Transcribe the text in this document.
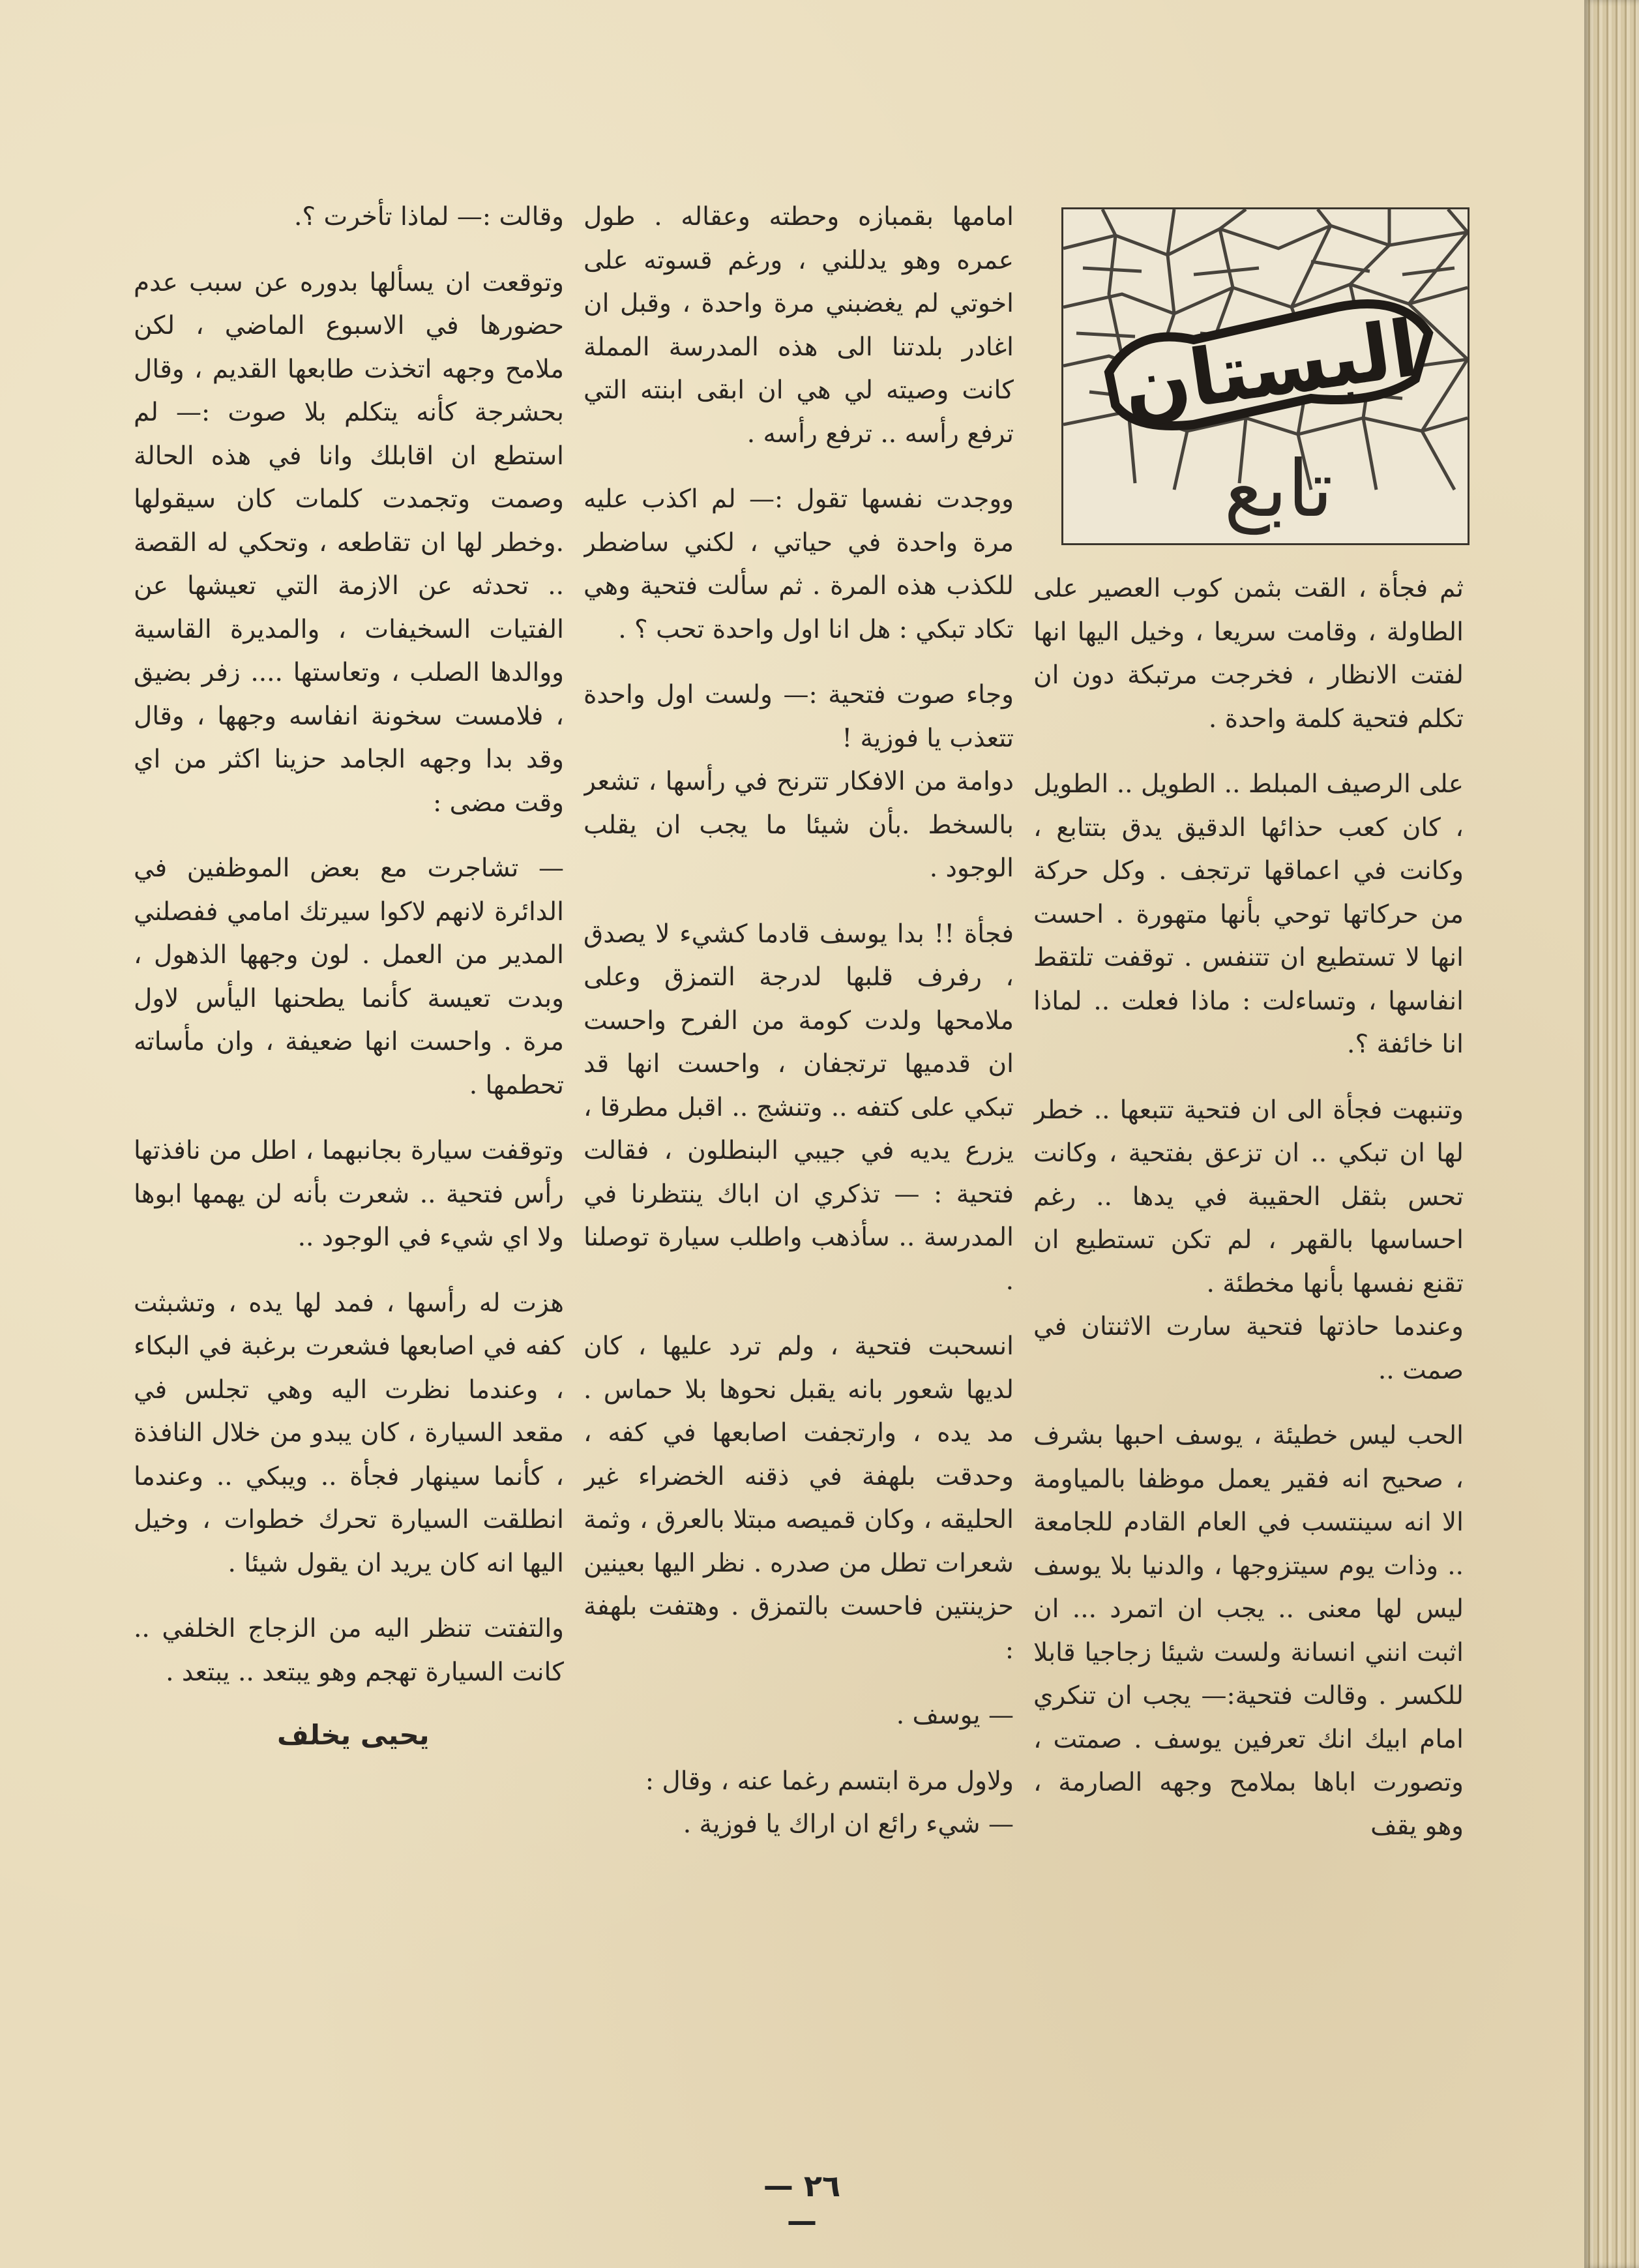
البستان
تابع

ثم فجأة ، القت بثمن كوب العصير على الطاولة ، وقامت سريعا ، وخيل اليها انها لفتت الانظار ، فخرجت مرتبكة دون ان تكلم فتحية كلمة واحدة .

على الرصيف المبلط .. الطويل .. الطويل ، كان كعب حذائها الدقيق يدق بتتابع ، وكانت في اعماقها ترتجف . وكل حركة من حركاتها توحي بأنها متهورة . احست انها لا تستطيع ان تتنفس . توقفت تلتقط انفاسها ، وتساءلت : ماذا فعلت .. لماذا انا خائفة ؟.

وتنبهت فجأة الى ان فتحية تتبعها .. خطر لها ان تبكي .. ان تزعق بفتحية ، وكانت تحس بثقل الحقيبة في يدها .. رغم احساسها بالقهر ، لم تكن تستطيع ان تقنع نفسها بأنها مخطئة .

وعندما حاذتها فتحية سارت الاثنتان في صمت ..

الحب ليس خطيئة ، يوسف احبها بشرف ، صحيح انه فقير يعمل موظفا بالمياومة الا انه سينتسب في العام القادم للجامعة .. وذات يوم سيتزوجها ، والدنيا بلا يوسف ليس لها معنى .. يجب ان اتمرد ... ان اثبت انني انسانة ولست شيئا زجاجيا قابلا للكسر . وقالت فتحية:— يجب ان تنكري امام ابيك انك تعرفين يوسف . صمتت ، وتصورت اباها بملامح وجهه الصارمة ، وهو يقف

امامها بقمبازه وحطته وعقاله . طول عمره وهو يدللني ، ورغم قسوته على اخوتي لم يغضبني مرة واحدة ، وقبل ان اغادر بلدتنا الى هذه المدرسة المملة كانت وصيته لي هي ان ابقى ابنته التي ترفع رأسه .. ترفع رأسه .

ووجدت نفسها تقول :— لم اكذب عليه مرة واحدة في حياتي ، لكني ساضطر للكذب هذه المرة . ثم سألت فتحية وهي تكاد تبكي : هل انا اول واحدة تحب ؟ .

وجاء صوت فتحية :— ولست اول واحدة تتعذب يا فوزية !

دوامة من الافكار تترنح في رأسها ، تشعر بالسخط .بأن شيئا ما يجب ان يقلب الوجود .

فجأة !! بدا يوسف قادما كشيء لا يصدق ، رفرف قلبها لدرجة التمزق وعلى ملامحها ولدت كومة من الفرح واحست ان قدميها ترتجفان ، واحست انها قد تبكي على كتفه .. وتنشج .. اقبل مطرقا ، يزرع يديه في جيبي البنطلون ، فقالت فتحية : — تذكري ان اباك ينتظرنا في المدرسة .. سأذهب واطلب سيارة توصلنا .

انسحبت فتحية ، ولم ترد عليها ، كان لديها شعور بانه يقبل نحوها بلا حماس . مد يده ، وارتجفت اصابعها في كفه ، وحدقت بلهفة في ذقنه الخضراء غير الحليقه ، وكان قميصه مبتلا بالعرق ، وثمة شعرات تطل من صدره . نظر اليها بعينين حزينتين فاحست بالتمزق . وهتفت بلهفة :

— يوسف .

ولاول مرة ابتسم رغما عنه ، وقال :

— شيء رائع ان اراك يا فوزية .

وقالت :— لماذا تأخرت ؟.

وتوقعت ان يسألها بدوره عن سبب عدم حضورها في الاسبوع الماضي ، لكن ملامح وجهه اتخذت طابعها القديم ، وقال بحشرجة كأنه يتكلم بلا صوت :— لم استطع ان اقابلك وانا في هذه الحالة وصمت وتجمدت كلمات كان سيقولها .وخطر لها ان تقاطعه ، وتحكي له القصة .. تحدثه عن الازمة التي تعيشها عن الفتيات السخيفات ، والمديرة القاسية ووالدها الصلب ، وتعاستها .... زفر بضيق ، فلامست سخونة انفاسه وجهها ، وقال وقد بدا وجهه الجامد حزينا اكثر من اي وقت مضى :

— تشاجرت مع بعض الموظفين في الدائرة لانهم لاكوا سيرتك امامي ففصلني المدير من العمل . لون وجهها الذهول ، وبدت تعيسة كأنما يطحنها اليأس لاول مرة . واحست انها ضعيفة ، وان مأساته تحطمها .

وتوقفت سيارة بجانبهما ، اطل من نافذتها رأس فتحية .. شعرت بأنه لن يهمها ابوها ولا اي شيء في الوجود ..

هزت له رأسها ، فمد لها يده ، وتشبثت كفه في اصابعها فشعرت برغبة في البكاء ، وعندما نظرت اليه وهي تجلس في مقعد السيارة ، كان يبدو من خلال النافذة ، كأنما سينهار فجأة .. ويبكي .. وعندما انطلقت السيارة تحرك خطوات ، وخيل اليها انه كان يريد ان يقول شيئا .

والتفتت تنظر اليه من الزجاج الخلفي .. كانت السيارة تهجم وهو يبتعد .. يبتعد .

يحيى يخلف
— ٢٦ —
